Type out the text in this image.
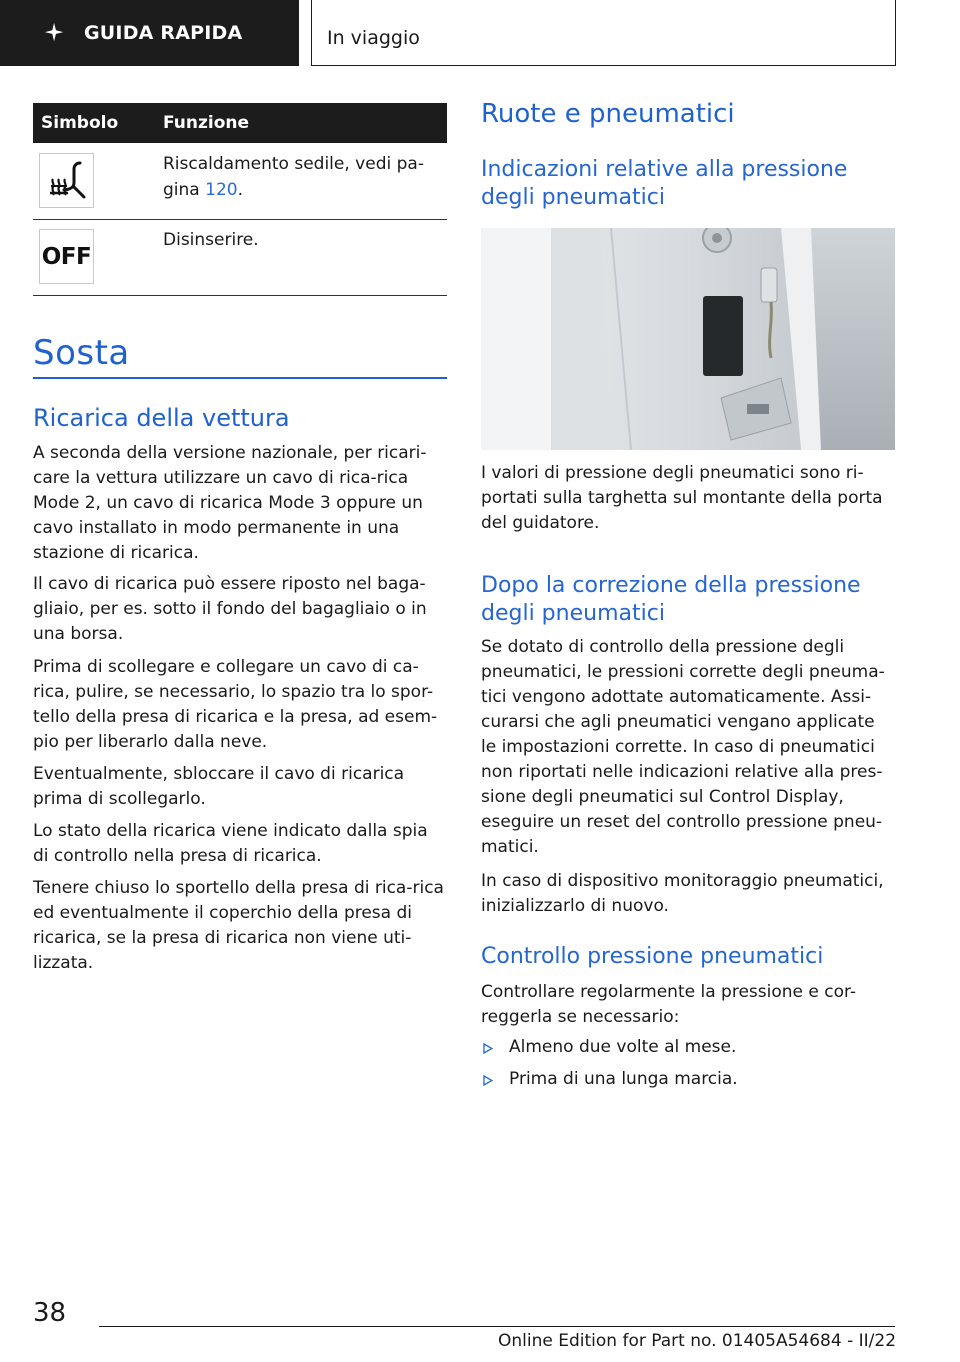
GUIDA RAPIDA	In viaggio
Simbolo	Funzione
Riscaldamento sedile, vedi pa-gina 120.
OFF
Disinserire.
Sosta
Ricarica della vettura
A seconda della versione nazionale, per ricari-care la vettura utilizzare un cavo di rica-rica Mode 2, un cavo di ricarica Mode 3 oppure un cavo installato in modo permanente in una stazione di ricarica.
Il cavo di ricarica può essere riposto nel baga-gliaio, per es. sotto il fondo del bagagliaio o in una borsa.
Prima di scollegare e collegare un cavo di ca-rica, pulire, se necessario, lo spazio tra lo spor-tello della presa di ricarica e la presa, ad esem-pio per liberarlo dalla neve.
Eventualmente, sbloccare il cavo di ricarica prima di scollegarlo.
Lo stato della ricarica viene indicato dalla spia di controllo nella presa di ricarica.
Tenere chiuso lo sportello della presa di rica-rica ed eventualmente il coperchio della presa di ricarica, se la presa di ricarica non viene uti-lizzata.
Ruote e pneumatici
Indicazioni relative alla pressione degli pneumatici
I valori di pressione degli pneumatici sono ri-portati sulla targhetta sul montante della porta del guidatore.
Dopo la correzione della pressione degli pneumatici
Se dotato di controllo della pressione degli pneumatici, le pressioni corrette degli pneuma-tici vengono adottate automaticamente. Assi-curarsi che agli pneumatici vengano applicate le impostazioni corrette. In caso di pneumatici non riportati nelle indicazioni relative alla pres-sione degli pneumatici sul Control Display, eseguire un reset del controllo pressione pneu-matici.
In caso di dispositivo monitoraggio pneumatici, inizializzarlo di nuovo.
Controllo pressione pneumatici
Controllare regolarmente la pressione e cor-reggerla se necessario:
Almeno due volte al mese.
Prima di una lunga marcia.
38
Online Edition for Part no. 01405A54684 - II/22
